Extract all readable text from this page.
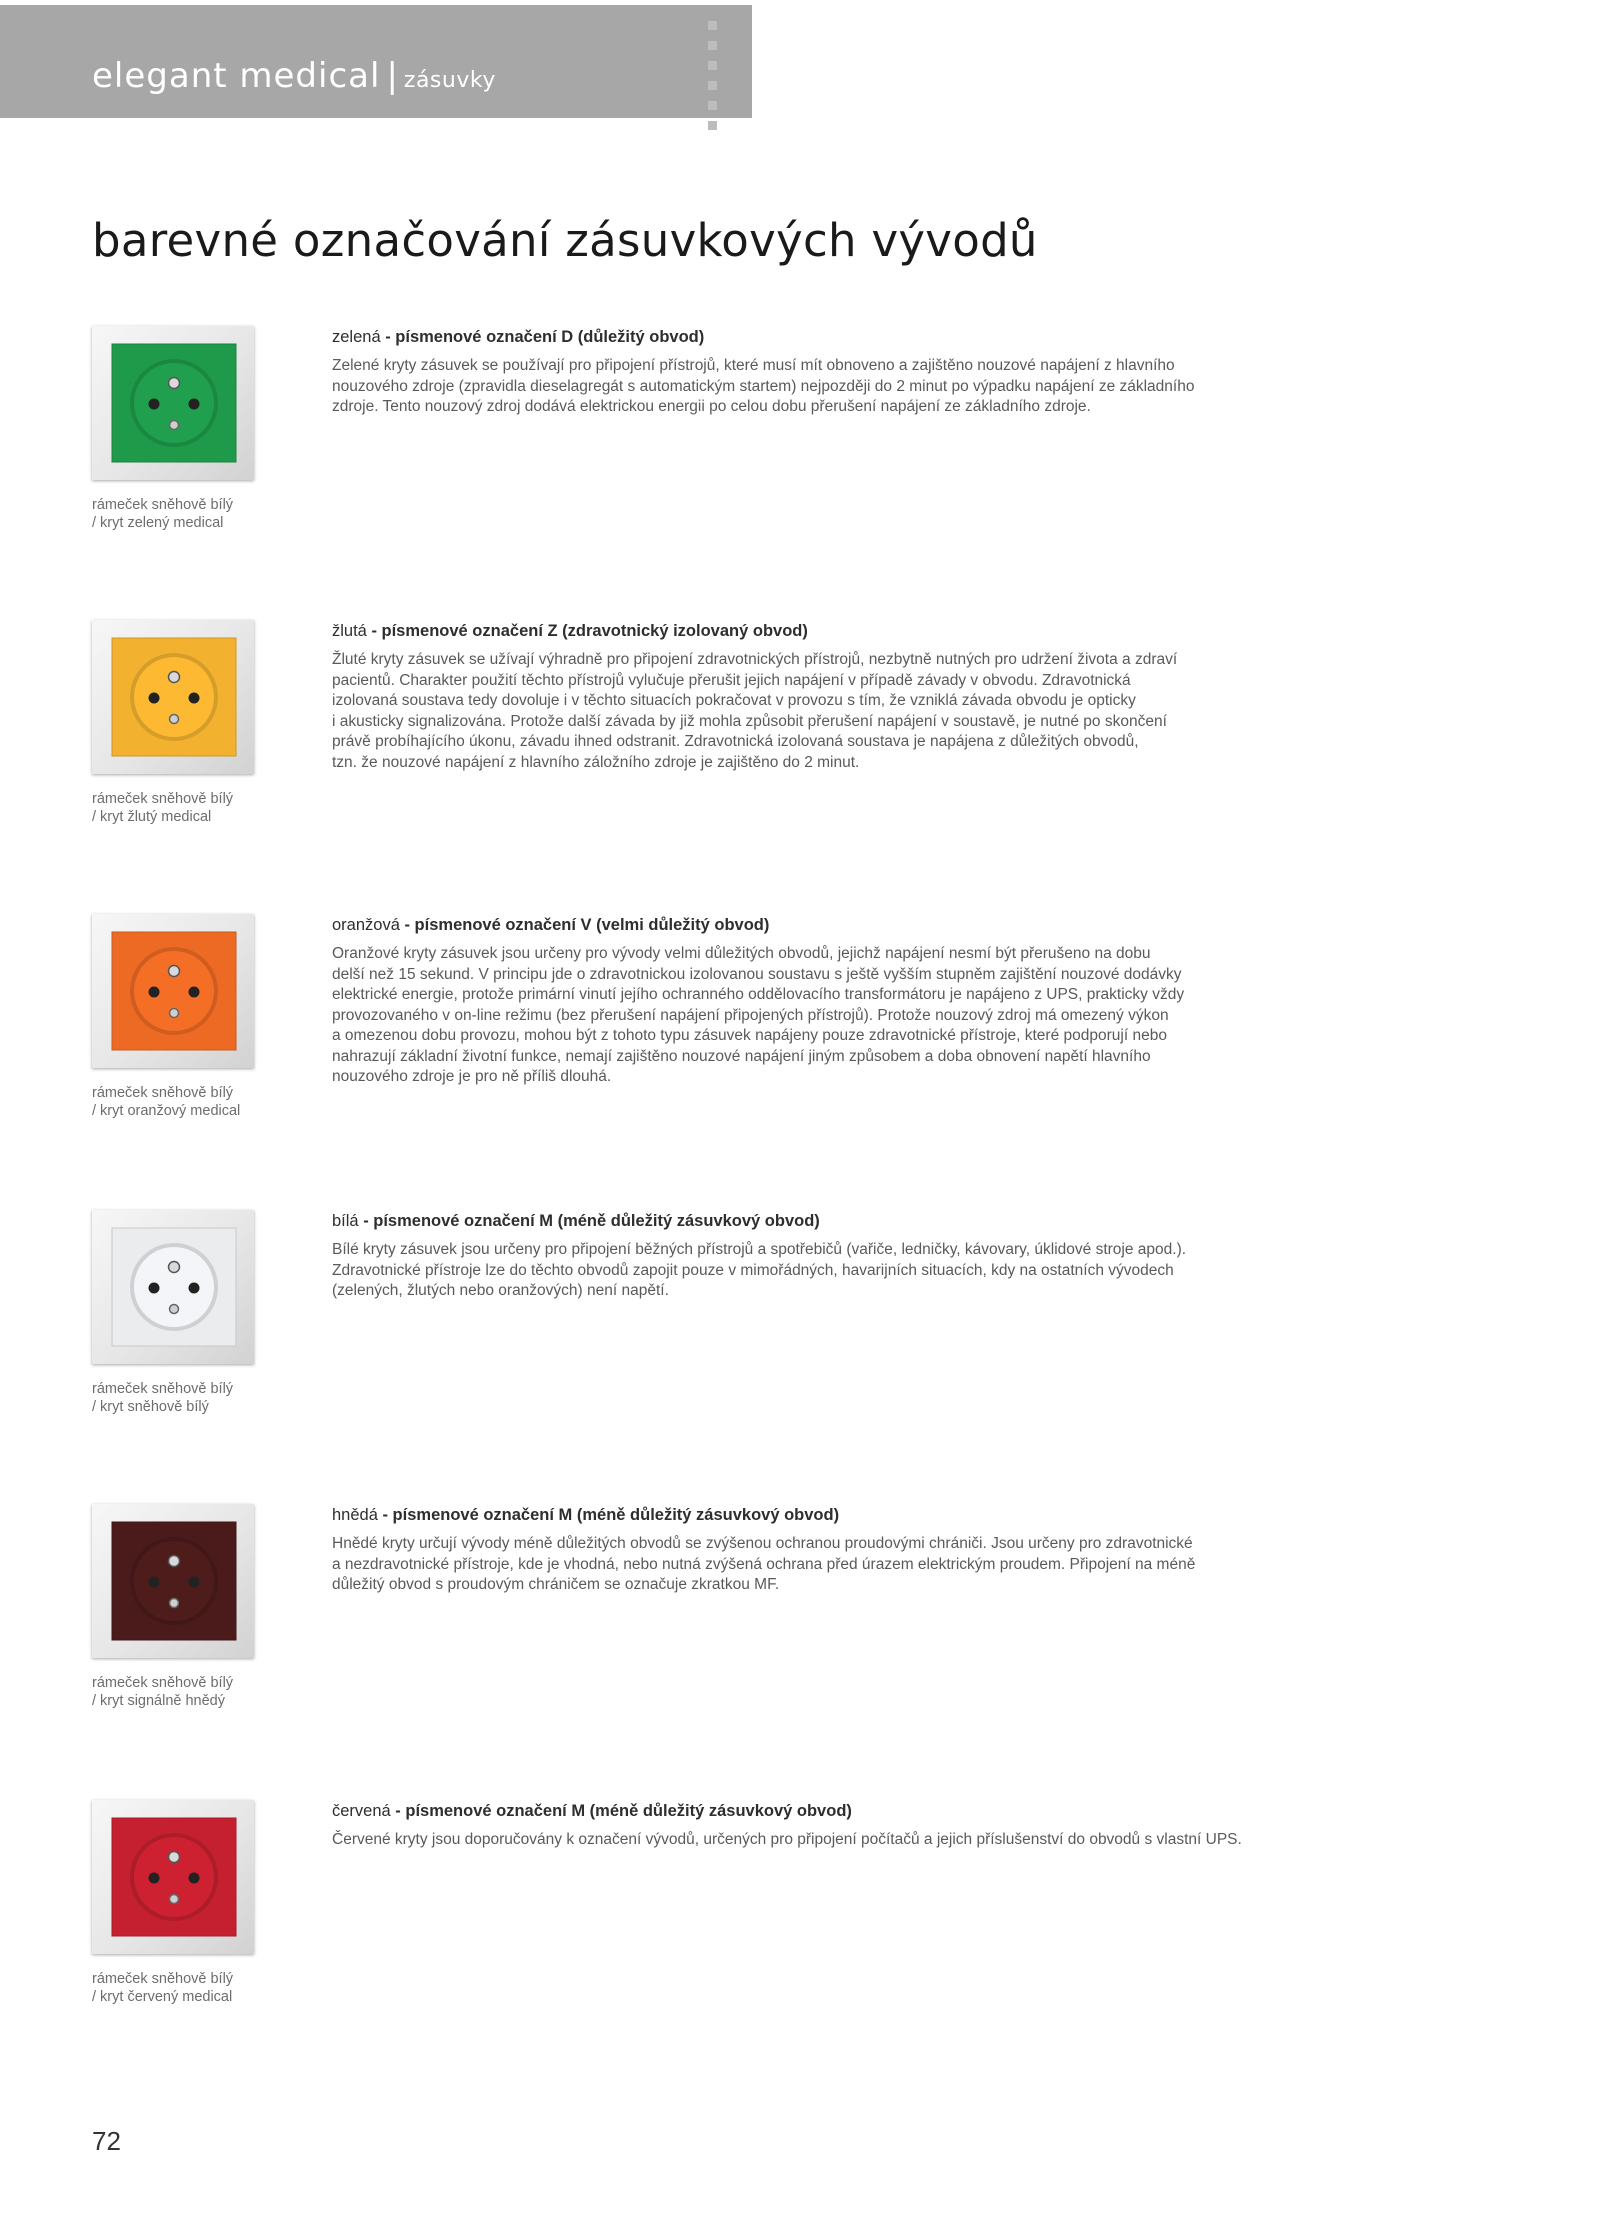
elegant medical | zásuvky
barevné označování zásuvkových vývodů
rámeček sněhově bílý
/ kryt zelený medical
zelená - písmenové označení D (důležitý obvod)

Zelené kryty zásuvek se používají pro připojení přístrojů, které musí mít obnoveno a zajištěno nouzové napájení z hlavního

nouzového zdroje (zpravidla dieselagregát s automatickým startem) nejpozději do 2 minut po výpadku napájení ze základního

zdroje. Tento nouzový zdroj dodává elektrickou energii po celou dobu přerušení napájení ze základního zdroje.

rámeček sněhově bílý
/ kryt žlutý medical
žlutá - písmenové označení Z (zdravotnický izolovaný obvod)

Žluté kryty zásuvek se užívají výhradně pro připojení zdravotnických přístrojů, nezbytně nutných pro udržení života a zdraví

pacientů. Charakter použití těchto přístrojů vylučuje přerušit jejich napájení v případě závady v obvodu. Zdravotnická

izolovaná soustava tedy dovoluje i v těchto situacích pokračovat v provozu s tím, že vzniklá závada obvodu je opticky

i akusticky signalizována. Protože další závada by již mohla způsobit přerušení napájení v soustavě, je nutné po skončení

právě probíhajícího úkonu, závadu ihned odstranit. Zdravotnická izolovaná soustava je napájena z důležitých obvodů,

tzn. že nouzové napájení z hlavního záložního zdroje je zajištěno do 2 minut.

rámeček sněhově bílý
/ kryt oranžový medical
oranžová - písmenové označení V (velmi důležitý obvod)

Oranžové kryty zásuvek jsou určeny pro vývody velmi důležitých obvodů, jejichž napájení nesmí být přerušeno na dobu

delší než 15 sekund. V principu jde o zdravotnickou izolovanou soustavu s ještě vyšším stupněm zajištění nouzové dodávky

elektrické energie, protože primární vinutí jejího ochranného oddělovacího transformátoru je napájeno z UPS, prakticky vždy

provozovaného v on-line režimu (bez přerušení napájení připojených přístrojů). Protože nouzový zdroj má omezený výkon

a omezenou dobu provozu, mohou být z tohoto typu zásuvek napájeny pouze zdravotnické přístroje, které podporují nebo

nahrazují základní životní funkce, nemají zajištěno nouzové napájení jiným způsobem a doba obnovení napětí hlavního

nouzového zdroje je pro ně příliš dlouhá.

rámeček sněhově bílý
/ kryt sněhově bílý
bílá - písmenové označení M (méně důležitý zásuvkový obvod)

Bílé kryty zásuvek jsou určeny pro připojení běžných přístrojů a spotřebičů (vařiče, ledničky, kávovary, úklidové stroje apod.).

Zdravotnické přístroje lze do těchto obvodů zapojit pouze v mimořádných, havarijních situacích, kdy na ostatních vývodech

(zelených, žlutých nebo oranžových) není napětí.

rámeček sněhově bílý
/ kryt signálně hnědý
hnědá - písmenové označení M (méně důležitý zásuvkový obvod)

Hnědé kryty určují vývody méně důležitých obvodů se zvýšenou ochranou proudovými chrániči. Jsou určeny pro zdravotnické

a nezdravotnické přístroje, kde je vhodná, nebo nutná zvýšená ochrana před úrazem elektrickým proudem. Připojení na méně

důležitý obvod s proudovým chráničem se označuje zkratkou MF.

rámeček sněhově bílý
/ kryt červený medical
červená - písmenové označení M (méně důležitý zásuvkový obvod)

Červené kryty jsou doporučovány k označení vývodů, určených pro připojení počítačů a jejich příslušenství do obvodů s vlastní UPS.

72
